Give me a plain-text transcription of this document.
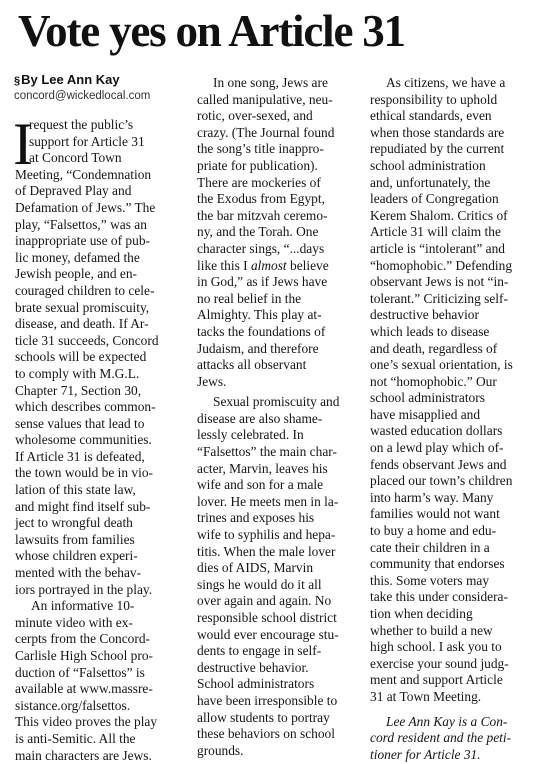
Vote yes on Article 31
§By Lee Ann Kay
concord@wickedlocal.com
I
request the public’s
support for Article 31
at Concord Town
Meeting, “Condemnation
of Depraved Play and
Defamation of Jews.” The
play, “Falsettos,” was an
inappropriate use of pub-
lic money, defamed the
Jewish people, and en-
couraged children to cele-
brate sexual promiscuity,
disease, and death. If Ar-
ticle 31 succeeds, Concord
schools will be expected
to comply with M.G.L.
Chapter 71, Section 30,
which describes common-
sense values that lead to
wholesome communities.
If Article 31 is defeated,
the town would be in vio-
lation of this state law,
and might find itself sub-
ject to wrongful death
lawsuits from families
whose children experi-
mented with the behav-
iors portrayed in the play.
An informative 10-
minute video with ex-
cerpts from the Concord-
Carlisle High School pro-
duction of “Falsettos” is
available at www.massre-
sistance.org/falsettos.
This video proves the play
is anti-Semitic. All the
main characters are Jews.
In one song, Jews are
called manipulative, neu-
rotic, over-sexed, and
crazy. (The Journal found
the song’s title inappro-
priate for publication).
There are mockeries of
the Exodus from Egypt,
the bar mitzvah ceremo-
ny, and the Torah. One
character sings, “...days
like this I almost believe
in God,” as if Jews have
no real belief in the
Almighty. This play at-
tacks the foundations of
Judaism, and therefore
attacks all observant
Jews.
Sexual promiscuity and
disease are also shame-
lessly celebrated. In
“Falsettos” the main char-
acter, Marvin, leaves his
wife and son for a male
lover. He meets men in la-
trines and exposes his
wife to syphilis and hepa-
titis. When the male lover
dies of AIDS, Marvin
sings he would do it all
over again and again. No
responsible school district
would ever encourage stu-
dents to engage in self-
destructive behavior.
School administrators
have been irresponsible to
allow students to portray
these behaviors on school
grounds.
As citizens, we have a
responsibility to uphold
ethical standards, even
when those standards are
repudiated by the current
school administration
and, unfortunately, the
leaders of Congregation
Kerem Shalom. Critics of
Article 31 will claim the
article is “intolerant” and
“homophobic.” Defending
observant Jews is not “in-
tolerant.” Criticizing self-
destructive behavior
which leads to disease
and death, regardless of
one’s sexual orientation, is
not “homophobic.” Our
school administrators
have misapplied and
wasted education dollars
on a lewd play which of-
fends observant Jews and
placed our town’s children
into harm’s way. Many
families would not want
to buy a home and edu-
cate their children in a
community that endorses
this. Some voters may
take this under considera-
tion when deciding
whether to build a new
high school. I ask you to
exercise your sound judg-
ment and support Article
31 at Town Meeting.
Lee Ann Kay is a Con-
cord resident and the peti-
tioner for Article 31.
